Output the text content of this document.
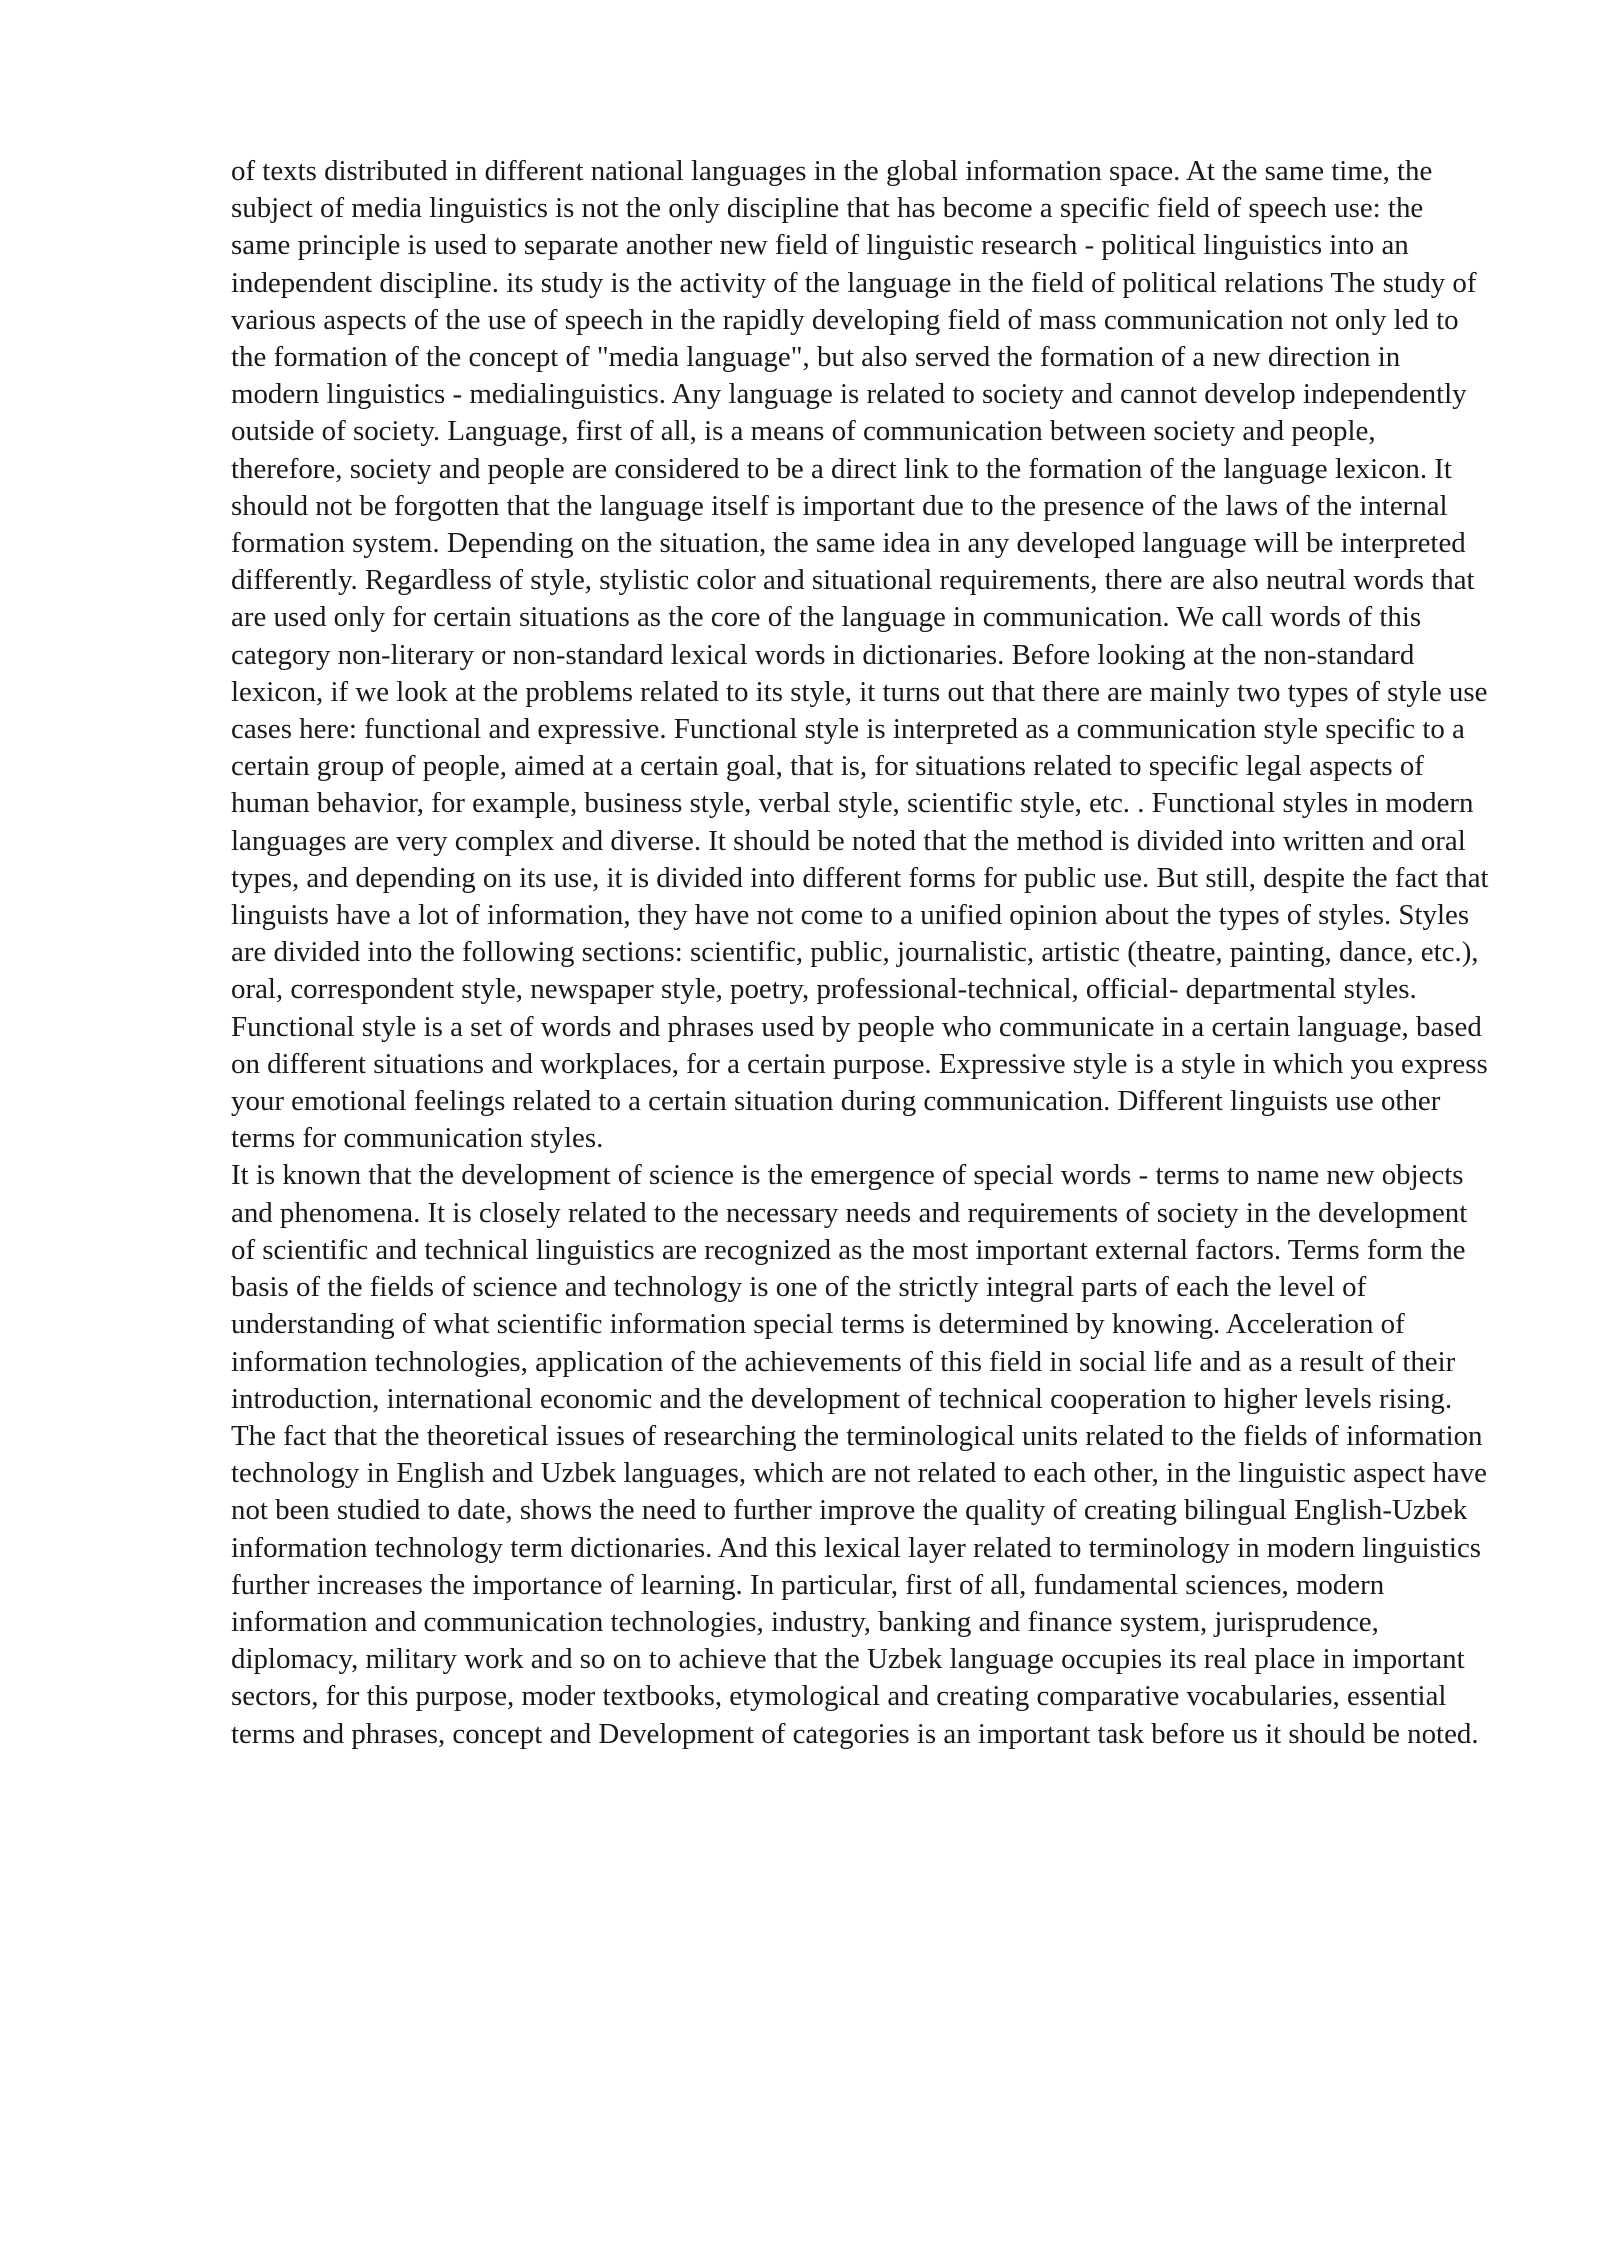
of texts distributed in different national languages in the global information space. At the same time, the subject of media linguistics is not the only discipline that has become a specific field of speech use: the same principle is used to separate another new field of linguistic research - political linguistics into an independent discipline. its study is the activity of the language in the field of political relations The study of various aspects of the use of speech in the rapidly developing field of mass communication not only led to the formation of the concept of "media language", but also served the formation of a new direction in modern linguistics - medialinguistics. Any language is related to society and cannot develop independently outside of society. Language, first of all, is a means of communication between society and people, therefore, society and people are considered to be a direct link to the formation of the language lexicon. It should not be forgotten that the language itself is important due to the presence of the laws of the internal formation system. Depending on the situation, the same idea in any developed language will be interpreted differently. Regardless of style, stylistic color and situational requirements, there are also neutral words that are used only for certain situations as the core of the language in communication. We call words of this category non-literary or non-standard lexical words in dictionaries. Before looking at the non-standard lexicon, if we look at the problems related to its style, it turns out that there are mainly two types of style use cases here: functional and expressive. Functional style is interpreted as a communication style specific to a certain group of people, aimed at a certain goal, that is, for situations related to specific legal aspects of human behavior, for example, business style, verbal style, scientific style, etc. . Functional styles in modern languages are very complex and diverse. It should be noted that the method is divided into written and oral types, and depending on its use, it is divided into different forms for public use. But still, despite the fact that linguists have a lot of information, they have not come to a unified opinion about the types of styles. Styles are divided into the following sections: scientific, public, journalistic, artistic (theatre, painting, dance, etc.), oral, correspondent style, newspaper style, poetry, professional-technical, official- departmental styles. Functional style is a set of words and phrases used by people who communicate in a certain language, based on different situations and workplaces, for a certain purpose. Expressive style is a style in which you express your emotional feelings related to a certain situation during communication. Different linguists use other terms for communication styles.

It is known that the development of science is the emergence of special words - terms to name new objects and phenomena. It is closely related to the necessary needs and requirements of society in the development of scientific and technical linguistics are recognized as the most important external factors. Terms form the basis of the fields of science and technology is one of the strictly integral parts of each the level of understanding of what scientific information special terms is determined by knowing. Acceleration of information technologies, application of the achievements of this field in social life and as a result of their introduction, international economic and the development of technical cooperation to higher levels rising. The fact that the theoretical issues of researching the terminological units related to the fields of information technology in English and Uzbek languages, which are not related to each other, in the linguistic aspect have not been studied to date, shows the need to further improve the quality of creating bilingual English-Uzbek information technology term dictionaries. And this lexical layer related to terminology in modern linguistics further increases the importance of learning. In particular, first of all, fundamental sciences, modern information and communication technologies, industry, banking and finance system, jurisprudence, diplomacy, military work and so on to achieve that the Uzbek language occupies its real place in important sectors, for this purpose, moder textbooks, etymological and creating comparative vocabularies, essential terms and phrases, concept and Development of categories is an important task before us it should be noted.
